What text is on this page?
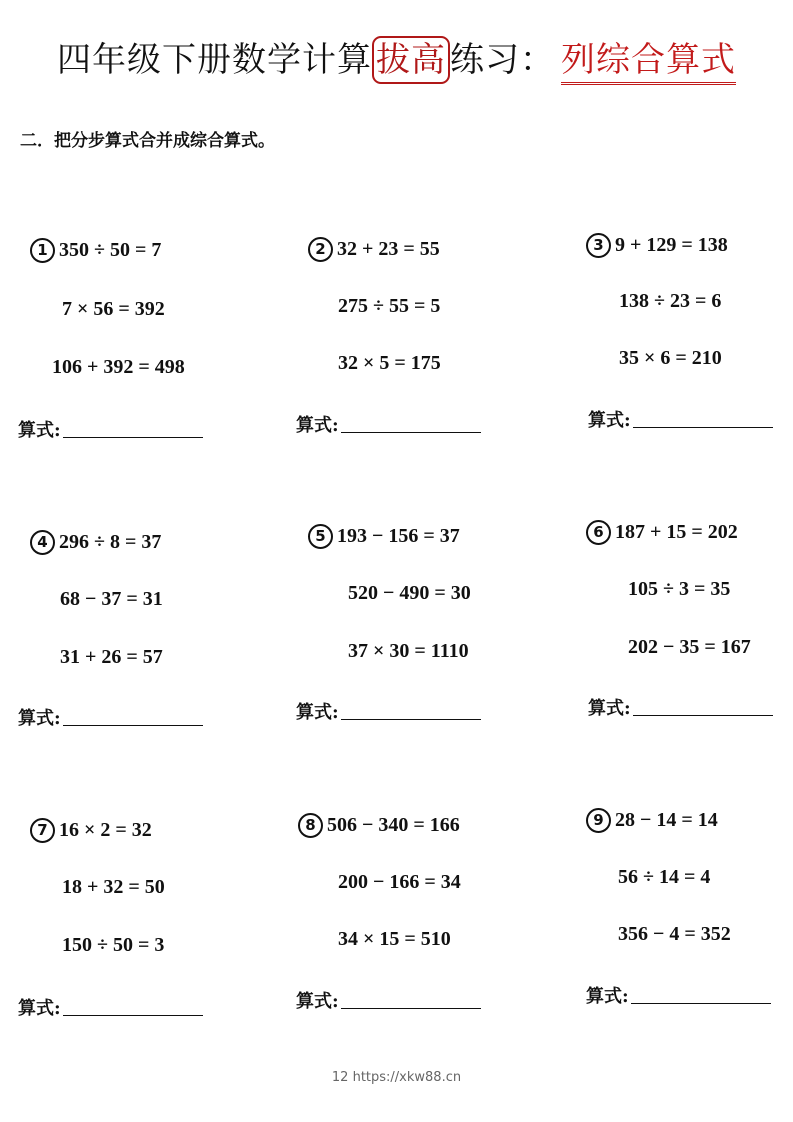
四年级下册数学计算 拔高 练习： 列综合算式
二．把分步算式合并成综合算式。
1 350 ÷ 50 = 7
7 × 56 = 392
106 + 392 = 498
算式:
2 32 + 23 = 55
275 ÷ 55 = 5
32 × 5 = 175
算式:
3 9 + 129 = 138
138 ÷ 23 = 6
35 × 6 = 210
算式:
4 296 ÷ 8 = 37
68 − 37 = 31
31 + 26 = 57
算式:
5 193 − 156 = 37
520 − 490 = 30
37 × 30 = 1110
算式:
6 187 + 15 = 202
105 ÷ 3 = 35
202 − 35 = 167
算式:
7 16 × 2 = 32
18 + 32 = 50
150 ÷ 50 = 3
算式:
8 506 − 340 = 166
200 − 166 = 34
34 × 15 = 510
算式:
9 28 − 14 = 14
56 ÷ 14 = 4
356 − 4 = 352
算式:
12 https://xkw88.cn
